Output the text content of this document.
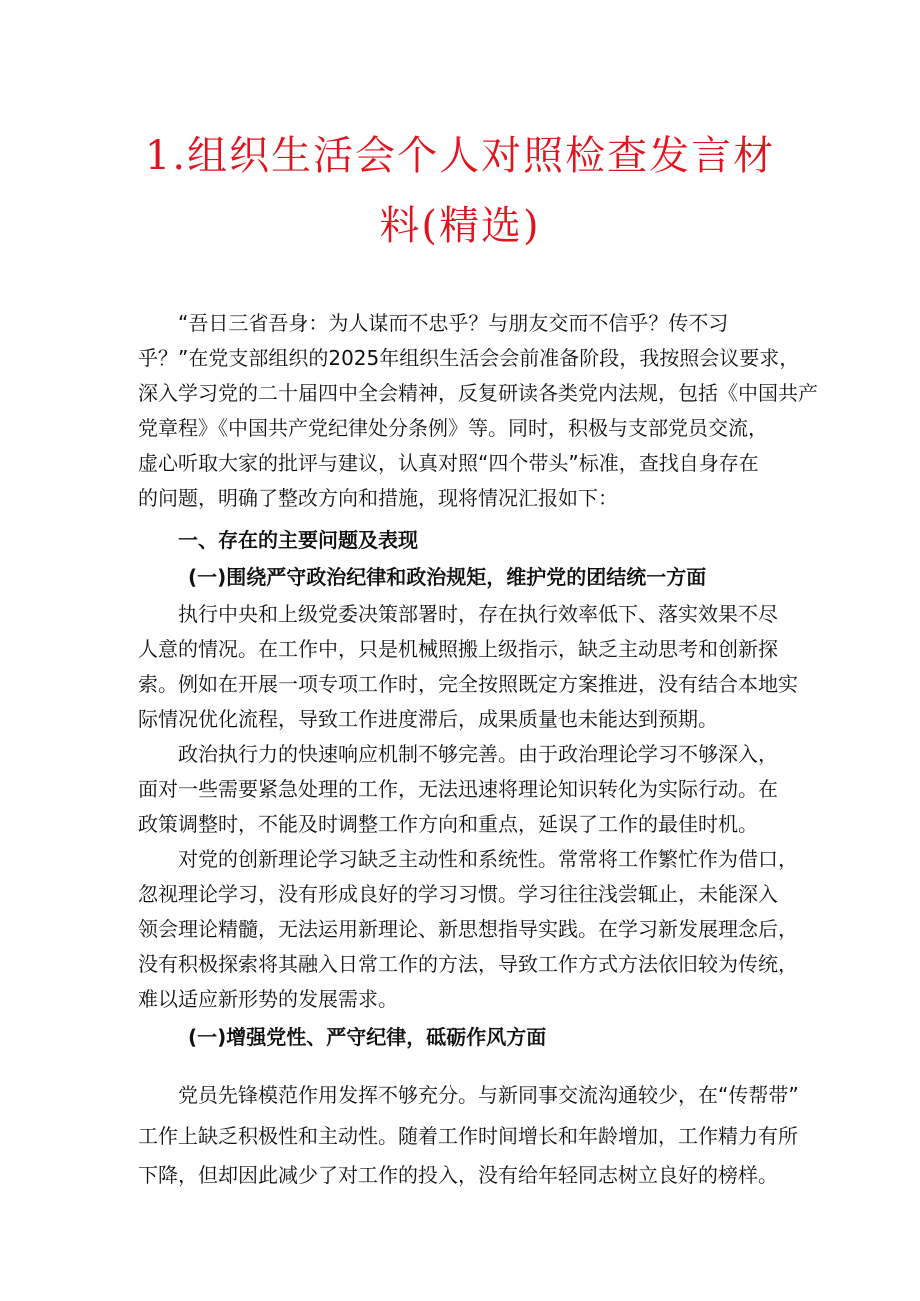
1.组织生活会个人对照检查发言材
料(精选)
“吾日三省吾身：为人谋而不忠乎？与朋友交而不信乎？传不习
乎？”在党支部组织的2025年组织生活会会前准备阶段，我按照会议要求，
深入学习党的二十届四中全会精神，反复研读各类党内法规，包括《中国共产
党章程》《中国共产党纪律处分条例》等。同时，积极与支部党员交流，
虚心听取大家的批评与建议，认真对照“四个带头”标准，查找自身存在
的问题，明确了整改方向和措施，现将情况汇报如下：
一、存在的主要问题及表现
(一)围绕严守政治纪律和政治规矩，维护党的团结统一方面
执行中央和上级党委决策部署时，存在执行效率低下、落实效果不尽
人意的情况。在工作中，只是机械照搬上级指示，缺乏主动思考和创新探
索。例如在开展一项专项工作时，完全按照既定方案推进，没有结合本地实
际情况优化流程，导致工作进度滞后，成果质量也未能达到预期。
政治执行力的快速响应机制不够完善。由于政治理论学习不够深入，
面对一些需要紧急处理的工作，无法迅速将理论知识转化为实际行动。在
政策调整时，不能及时调整工作方向和重点，延误了工作的最佳时机。
对党的创新理论学习缺乏主动性和系统性。常常将工作繁忙作为借口，
忽视理论学习，没有形成良好的学习习惯。学习往往浅尝辄止，未能深入
领会理论精髓，无法运用新理论、新思想指导实践。在学习新发展理念后，
没有积极探索将其融入日常工作的方法，导致工作方式方法依旧较为传统，
难以适应新形势的发展需求。
(一)增强党性、严守纪律，砥砺作风方面
党员先锋模范作用发挥不够充分。与新同事交流沟通较少，在“传帮带”
工作上缺乏积极性和主动性。随着工作时间增长和年龄增加，工作精力有所
下降，但却因此减少了对工作的投入，没有给年轻同志树立良好的榜样。
